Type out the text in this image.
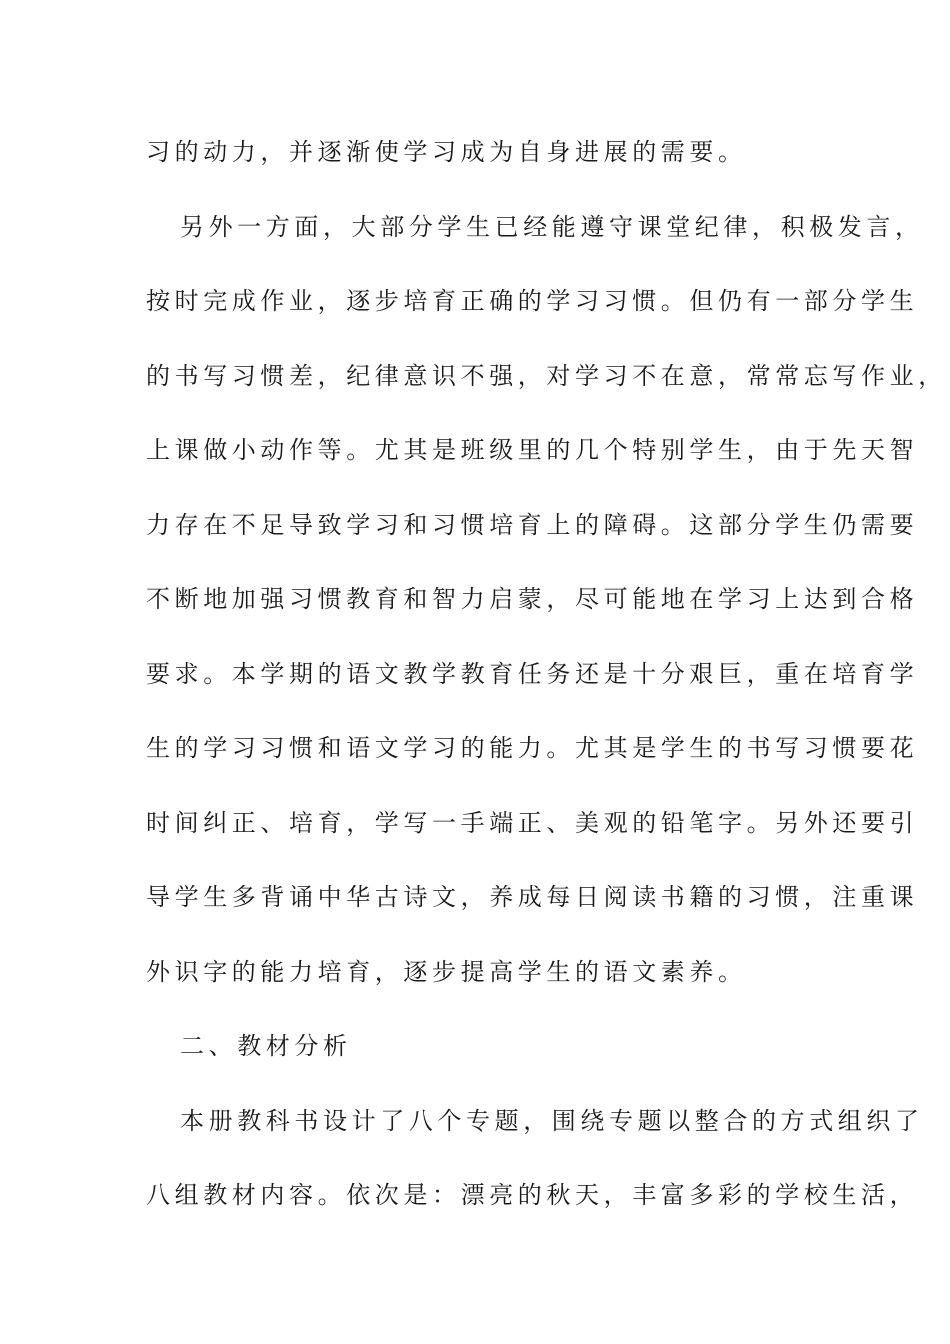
习的动力，并逐渐使学习成为自身进展的需要。
另外一方面，大部分学生已经能遵守课堂纪律，积极发言，
按时完成作业，逐步培育正确的学习习惯。但仍有一部分学生
的书写习惯差，纪律意识不强，对学习不在意，常常忘写作业，
上课做小动作等。尤其是班级里的几个特别学生，由于先天智
力存在不足导致学习和习惯培育上的障碍。这部分学生仍需要
不断地加强习惯教育和智力启蒙，尽可能地在学习上达到合格
要求。本学期的语文教学教育任务还是十分艰巨，重在培育学
生的学习习惯和语文学习的能力。尤其是学生的书写习惯要花
时间纠正、培育，学写一手端正、美观的铅笔字。另外还要引
导学生多背诵中华古诗文，养成每日阅读书籍的习惯，注重课
外识字的能力培育，逐步提高学生的语文素养。
二、教材分析
本册教科书设计了八个专题，围绕专题以整合的方式组织了
八组教材内容。依次是：漂亮的秋天，丰富多彩的学校生活，
